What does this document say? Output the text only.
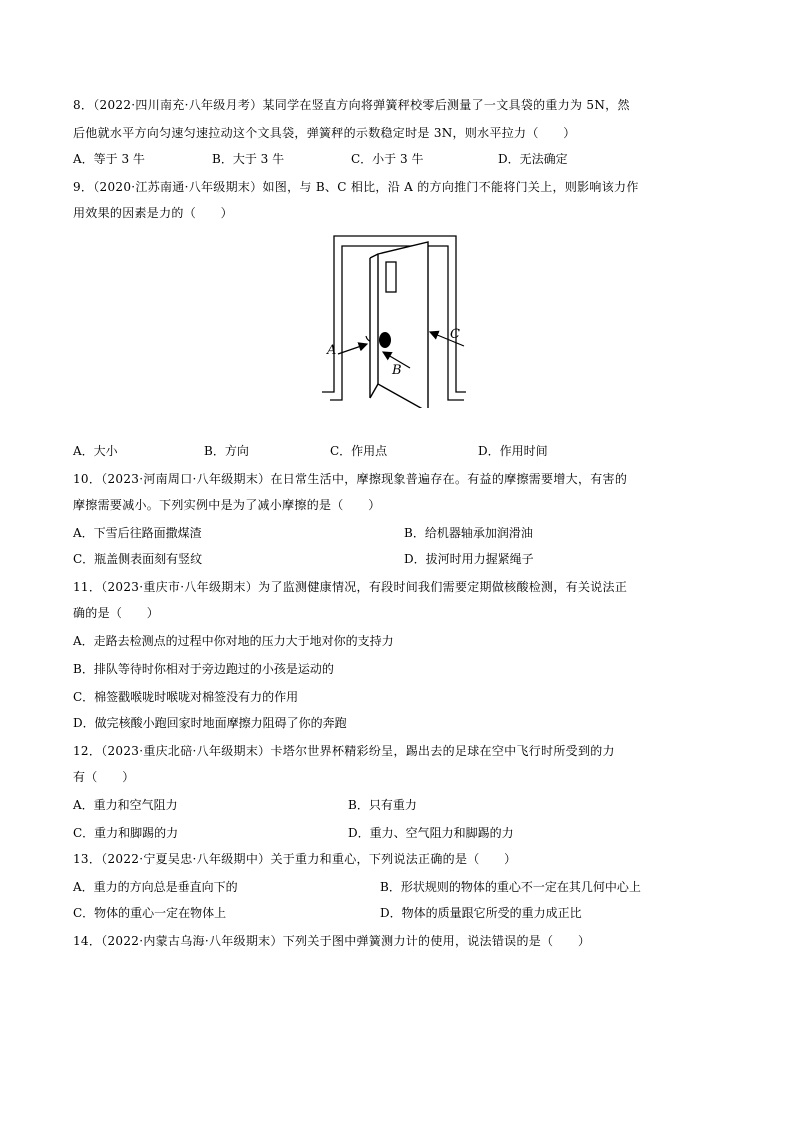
8．（2022·四川南充·八年级月考）某同学在竖直方向将弹簧秤校零后测量了一文具袋的重力为 5N，然
后他就水平方向匀速匀速拉动这个文具袋，弹簧秤的示数稳定时是 3N，则水平拉力（　　）
A．等于 3 牛	B．大于 3 牛	C．小于 3 牛	D．无法确定
9．（2020·江苏南通·八年级期末）如图，与 B、C 相比，沿 A 的方向推门不能将门关上，则影响该力作
用效果的因素是力的（　　）
A
B
C
A．大小	B．方向	C．作用点	D．作用时间
10．（2023·河南周口·八年级期末）在日常生活中，摩擦现象普遍存在。有益的摩擦需要增大，有害的
摩擦需要减小。下列实例中是为了减小摩擦的是（　　）
A．下雪后往路面撒煤渣	B．给机器轴承加润滑油
C．瓶盖侧表面刻有竖纹	D．拔河时用力握紧绳子
11．（2023·重庆市·八年级期末）为了监测健康情况，有段时间我们需要定期做核酸检测，有关说法正
确的是（　　）
A．走路去检测点的过程中你对地的压力大于地对你的支持力
B．排队等待时你相对于旁边跑过的小孩是运动的
C．棉签戳喉咙时喉咙对棉签没有力的作用
D．做完核酸小跑回家时地面摩擦力阻碍了你的奔跑
12．（2023·重庆北碚·八年级期末）卡塔尔世界杯精彩纷呈，踢出去的足球在空中飞行时所受到的力
有（　　）
A．重力和空气阻力	B．只有重力
C．重力和脚踢的力	D．重力、空气阻力和脚踢的力
13．（2022·宁夏吴忠·八年级期中）关于重力和重心，下列说法正确的是（　　）
A．重力的方向总是垂直向下的	B．形状规则的物体的重心不一定在其几何中心上
C．物体的重心一定在物体上	D．物体的质量跟它所受的重力成正比
14．（2022·内蒙古乌海·八年级期末）下列关于图中弹簧测力计的使用，说法错误的是（　　）
